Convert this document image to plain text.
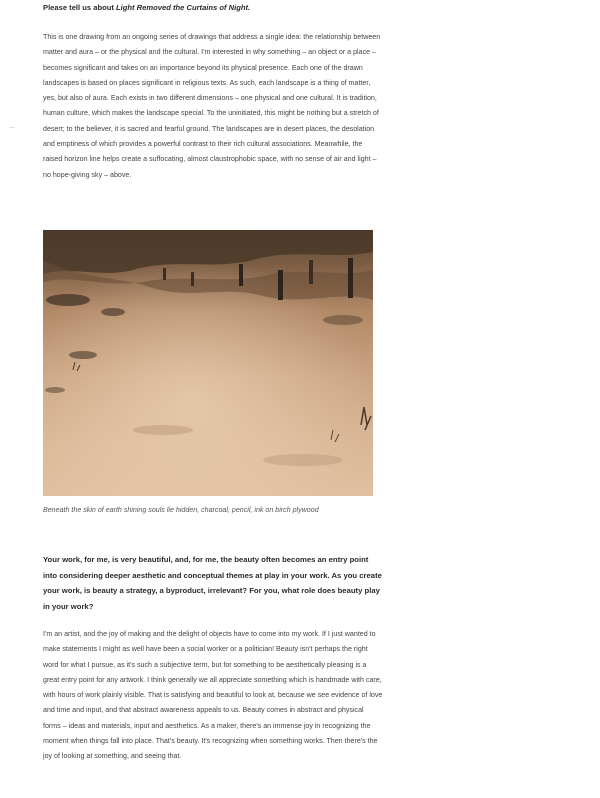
→
Please tell us about Light Removed the Curtains of Night.

This is one drawing from an ongoing series of drawings that address a single idea: the relationship between matter and aura – or the physical and the cultural. I'm interested in why something – an object or a place – becomes significant and takes on an importance beyond its physical presence. Each one of the drawn landscapes is based on places significant in religious texts. As such, each landscape is a thing of matter, yes, but also of aura. Each exists in two different dimensions – one physical and one cultural. It is tradition, human culture, which makes the landscape special. To the uninitiated, this might be nothing but a stretch of desert; to the believer, it is sacred and fearful ground. The landscapes are in desert places, the desolation and emptiness of which provides a powerful contrast to their rich cultural associations. Meanwhile, the raised horizon line helps create a suffocating, almost claustrophobic space, with no sense of air and light – no hope-giving sky – above.

Beneath the skin of earth shining souls lie hidden, charcoal, pencil, ink on birch plywood
Your work, for me, is very beautiful, and, for me, the beauty often becomes an entry point into considering deeper aesthetic and conceptual themes at play in your work. As you create your work, is beauty a strategy, a byproduct, irrelevant? For you, what role does beauty play in your work?

I'm an artist, and the joy of making and the delight of objects have to come into my work. If I just wanted to make statements I might as well have been a social worker or a politician! Beauty isn't perhaps the right word for what I pursue, as it's such a subjective term, but for something to be aesthetically pleasing is a great entry point for any artwork. I think generally we all appreciate something which is handmade with care, with hours of work plainly visible. That is satisfying and beautiful to look at, because we see evidence of love and time and input, and that abstract awareness appeals to us. Beauty comes in abstract and physical forms – ideas and materials, input and aesthetics. As a maker, there's an immense joy in recognizing the moment when things fall into place. That's beauty. It's recognizing when something works. Then there's the joy of looking at something, and seeing that.
